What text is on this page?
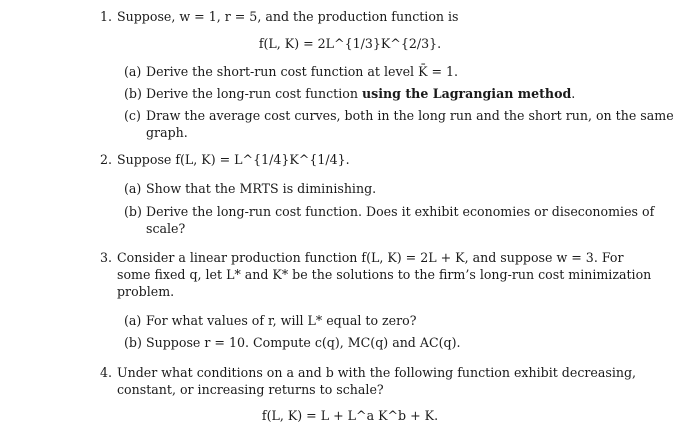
1. Suppose, w = 1, r = 5, and the production function is
f(L, K) = 2L^{1/3}K^{2/3}.
(a) Derive the short-run cost function at level K̄ = 1.
(b) Derive the long-run cost function using the Lagrangian method.
(c) Draw the average cost curves, both in the long run and the short run, on the same
graph.
2. Suppose f(L, K) = L^{1/4}K^{1/4}.
(a) Show that the MRTS is diminishing.
(b) Derive the long-run cost function. Does it exhibit economies or diseconomies of
scale?
3. Consider a linear production function f(L, K) = 2L + K, and suppose w = 3. For
some fixed q, let L* and K* be the solutions to the firm’s long-run cost minimization
problem.
(a) For what values of r, will L* equal to zero?
(b) Suppose r = 10. Compute c(q), MC(q) and AC(q).
4. Under what conditions on a and b with the following function exhibit decreasing,
constant, or increasing returns to schale?
f(L, K) = L + L^a K^b + K.
